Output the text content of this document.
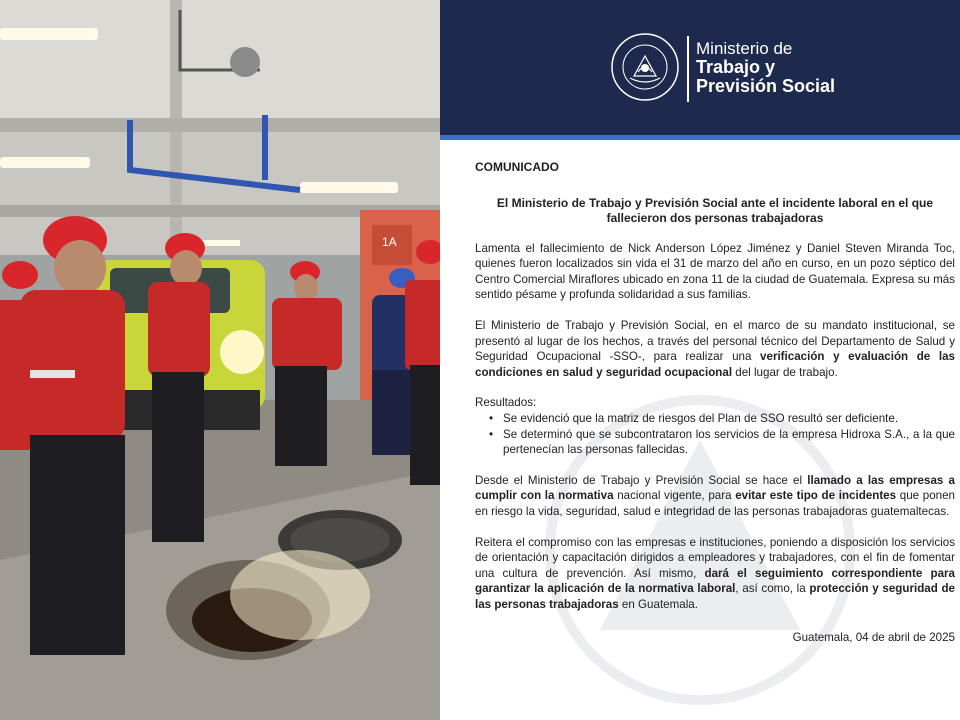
1A
Ministerio de
Trabajo y
Previsión Social
COMUNICADO
El Ministerio de Trabajo y Previsión Social ante el incidente laboral en el que fallecieron dos personas trabajadoras

Lamenta el fallecimiento de Nick Anderson López Jiménez y Daniel Steven Miranda Toc, quienes fueron localizados sin vida el 31 de marzo del año en curso, en un pozo séptico del Centro Comercial Miraflores ubicado en zona 11 de la ciudad de Guatemala. Expresa su más sentido pésame y profunda solidaridad a sus familias.

El Ministerio de Trabajo y Previsión Social, en el marco de su mandato institucional, se presentó al lugar de los hechos, a través del personal técnico del Departamento de Salud y Seguridad Ocupacional -SSO-, para realizar una verificación y evaluación de las condiciones en salud y seguridad ocupacional del lugar de trabajo.

Resultados:

• Se evidenció que la matriz de riesgos del Plan de SSO resultó ser deficiente.
• Se determinó que se subcontrataron los servicios de la empresa Hidroxa S.A., a la que pertenecían las personas fallecidas.

Desde el Ministerio de Trabajo y Previsión Social se hace el llamado a las empresas a cumplir con la normativa nacional vigente, para evitar este tipo de incidentes que ponen en riesgo la vida, seguridad, salud e integridad de las personas trabajadoras guatemaltecas.

Reitera el compromiso con las empresas e instituciones, poniendo a disposición los servicios de orientación y capacitación dirigidos a empleadores y trabajadores, con el fin de fomentar una cultura de prevención. Así mismo, dará el seguimiento correspondiente para garantizar la aplicación de la normativa laboral, así como, la protección y seguridad de las personas trabajadoras en Guatemala.

Guatemala, 04 de abril de 2025
